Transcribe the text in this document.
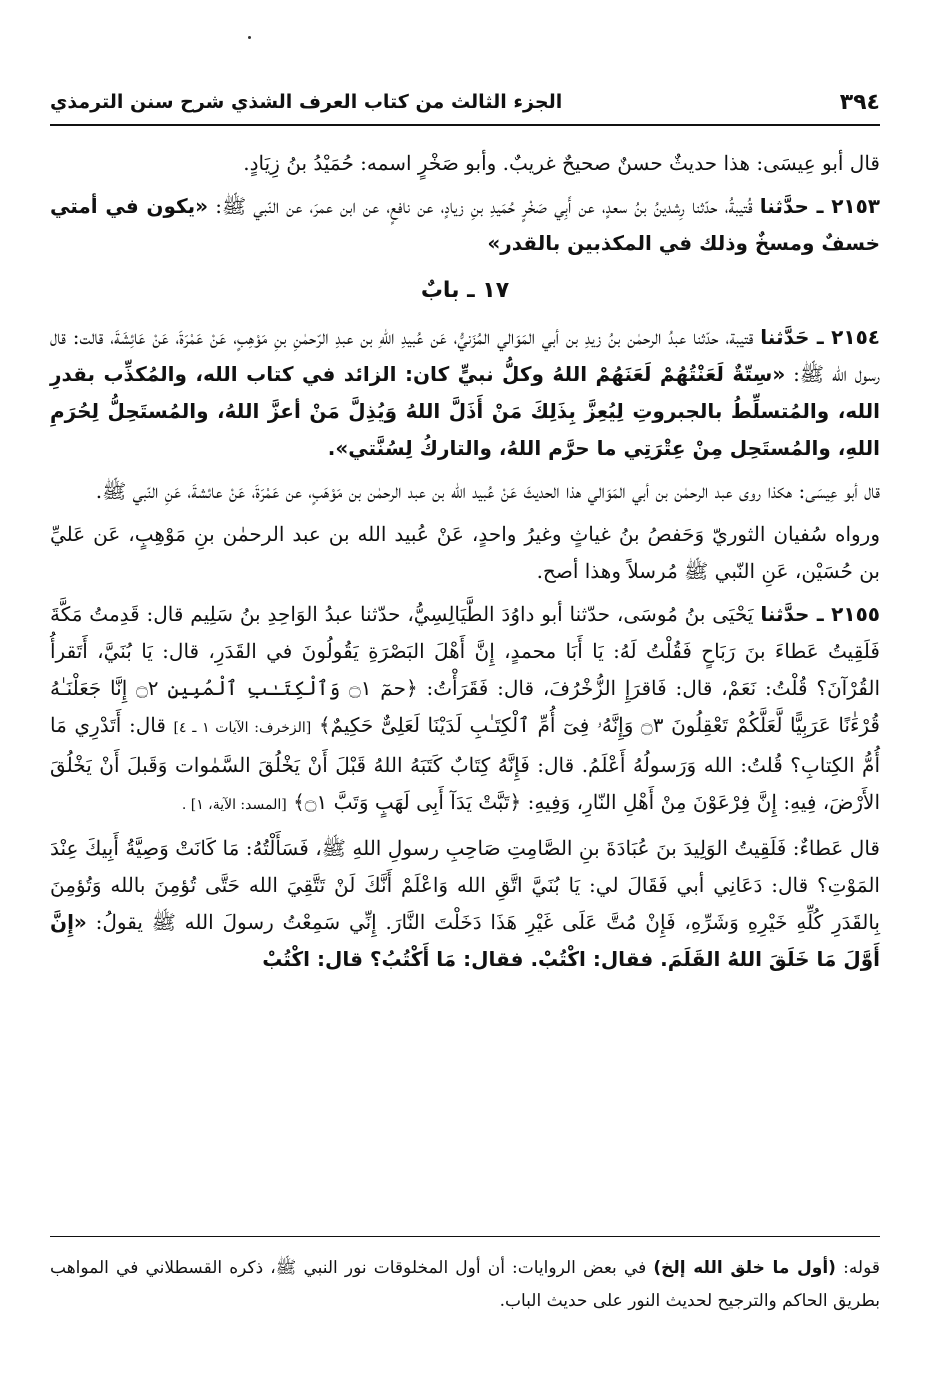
٣٩٤
الجزء الثالث من كتاب العرف الشذي شرح سنن الترمذي

قال أبو عِيسَى: هذا حديثٌ حسنٌ صحيحٌ غريبٌ. وأبو صَخْرٍ اسمه: حُمَيْدُ بنُ زِيَادٍ.

٢١٥٣ ـ حدَّثنا قُتيبةُ، حدّثنا رِشدينُ بنُ سعدٍ، عن أَبِي صَخْرٍ حُمَيدِ بنِ زيادٍ، عن نافعٍ، عن ابن عمرَ، عن النّبي ﷺ: «يكون في أمتي خسفٌ ومسخٌ وذلك في المكذبين بالقدر»

١٧ ـ بابٌ

٢١٥٤ ـ حَدَّثنا قتيبة، حدّثنا عبدُ الرحمٰن بنُ زيدِ بن أبي المَوَالي المُزَنيُّ، عَن عُبيدِ اللهِ بن عبدِ الرّحمٰنِ بنِ مَوْهِبٍ، عَنْ عَمْرَةَ، عَنْ عَائِشَةَ، قالت: قال رسول الله ﷺ: «سِتّةٌ لَعَنْتُهُمْ لَعَنَهُمْ اللهُ وكلُّ نبيٍّ كان: الزائد في كتاب الله، والمُكذِّب بقدرِ الله، والمُتسلِّطُ بالجبروتِ لِيُعِزَّ بِذَلِكَ مَنْ أَذَلَّ اللهُ وَيُذِلَّ مَنْ أعزَّ اللهُ، والمُستَحِلُّ لِحُرَمِ اللهِ، والمُستَحِل مِنْ عِتْرَتِي ما حرَّم اللهُ، والتاركُ لِسُنَّتي».

قال أبو عِيسَى: هكذا روى عبد الرحمٰن بن أبي المَوَالي هذا الحديثَ عَنْ عُبيد الله بن عبد الرحمٰن بن مَوْهَبٍ، عن عَمْرَةَ، عَنْ عائشةَ، عَنِ النّبي ﷺ.

ورواه سُفيان الثوريّ وَحَفصُ بنُ غياثٍ وغيرُ واحدٍ، عَنْ عُبيد الله بن عبد الرحمٰن بنِ مَوْهِبٍ، عَن عَليِّ بن حُسَيْن، عَنِ النّبي ﷺ مُرسلاً وهذا أصح.

٢١٥٥ ـ حدَّثنا يَحْيَى بنُ مُوسَى، حدّثنا أبو داوُدَ الطَّيَالِسِيُّ، حدّثنا عبدُ الوَاحِدِ بنُ سَلِيم قال: قَدِمتُ مَكَّةَ فَلَقِيتُ عَطاءَ بنَ رَبَاحٍ فَقُلْتُ لَهُ: يَا أَبَا محمدٍ، إِنَّ أَهْلَ البَصْرَةِ يَقُولُونَ في القَدَرِ، قال: يَا بُنَيَّ، أَتَقرأُ القُرْآنَ؟ قُلْتُ: نَعَمْ، قال: فَاقرَإِ الزُّخْرُفَ، قال: فَقَرَأْتُ: ﴿حمٓ ۝١ وَٱلْكِتَـٰبِ ٱلْمُبِينِ ۝٢ إِنَّا جَعَلْنَـٰهُ قُرْءَٰنًا عَرَبِيًّا لَّعَلَّكُمْ تَعْقِلُونَ ۝٣ وَإِنَّهُۥ فِىٓ أُمِّ ٱلْكِتَـٰبِ لَدَيْنَا لَعَلِىٌّ حَكِيمٌ﴾ [الزخرف: الآيات ١ ـ ٤] قال: أَتَدْرِي مَا أُمُّ الكِتابِ؟ قُلتُ: الله وَرَسولُهُ أَعْلَمُ. قال: فَإِنَّهُ كِتَابٌ كَتَبَهُ اللهُ قَبْلَ أَنْ يَخْلُقَ السَّمٰوات وَقَبلَ أَنْ يَخْلُقَ الأَرْضَ، فِيهِ: إِنَّ فِرْعَوْنَ مِنْ أَهْلِ النّارِ، وَفِيهِ: ﴿تَبَّتْ يَدَآ أَبِى لَهَبٍ وَتَبَّ ۝١﴾ [المسد: الآية، ١] .

قال عَطاءٌ: فَلَقِيتُ الوَلِيدَ بنَ عُبَادَةَ بنِ الصَّامِتِ صَاحِبِ رسولِ اللهِ ﷺ، فَسَأَلْتُهُ: مَا كَانَتْ وَصِيَّةُ أَبِيكَ عِنْدَ المَوْتِ؟ قال: دَعَانِي أبي فَقَالَ لي: يَا بُنَيَّ اتَّقِ الله وَاعْلَمْ أَنَّكَ لَنْ تَتَّقِيَ الله حَتَّى تُؤمِنَ بالله وَتُؤمِنَ بِالقَدَرِ كُلِّهِ خَيْرِهِ وَشَرِّهِ، فَإِنْ مُتَّ عَلَى غَيْرِ هَذَا دَخَلْتَ النَّارَ. إِنِّي سَمِعْتُ رسولَ الله ﷺ يقولُ: «إِنَّ أَوَّلَ مَا خَلَقَ اللهُ القَلَمَ. فقال: اكْتُبْ. فقال: مَا أَكْتُبُ؟ قال: اكْتُبْ

قوله: (أول ما خلق الله إلخ) في بعض الروايات: أن أول المخلوقات نور النبي ﷺ، ذكره القسطلاني في المواهب بطريق الحاكم والترجيح لحديث النور على حديث الباب.
